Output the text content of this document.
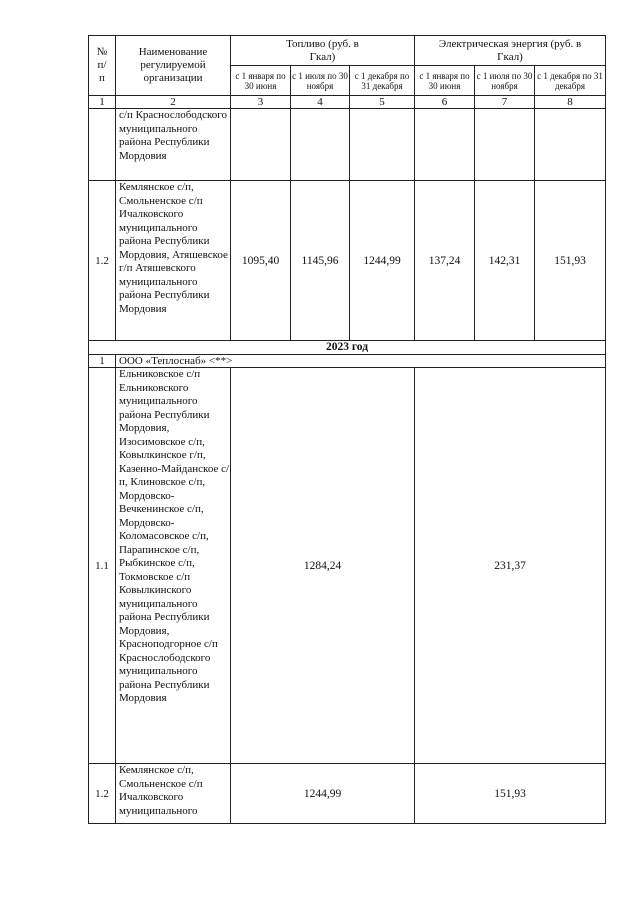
№ п/п	Наименование регулируемой организации	Топливо (руб. в Гкал)			Электрическая энергия (руб. в Гкал)		
		с 1 января по 30 июня	с 1 июля по 30 ноября	с 1 декабря по 31 декабря	с 1 января по 30 июня	с 1 июля по 30 ноября	с 1 декабря по 31 декабря
1	2	3	4	5	6	7	8
	с/п Краснослободского муниципального района Республики Мордовия						
1.2	Кемлянское с/п, Смольненское с/п Ичалковского муниципального района Республики Мордовия, Атяшевское г/п Атяшевского муниципального района Республики Мордовия	1095,40	1145,96	1244,99	137,24	142,31	151,93
2023 год							
1	ООО «Теплоснаб» <**>						
1.1	Ельниковское с/п Ельниковского муниципального района Республики Мордовия, Изосимовское с/п, Ковылкинское г/п, Казенно-Майданское с/п, Клиновское с/п, Мордовско-Вечкенинское с/п, Мордовско-Коломасовское с/п, Парапинское с/п, Рыбкинское с/п, Токмовское с/п Ковылкинского муниципального района Республики Мордовия, Краснoподгорное с/п Краснослободского муниципального района Республики Мордовия	1284,24			231,37		
1.2	Кемлянское с/п, Смольненское с/п Ичалковского муниципального	1244,99			151,93		
